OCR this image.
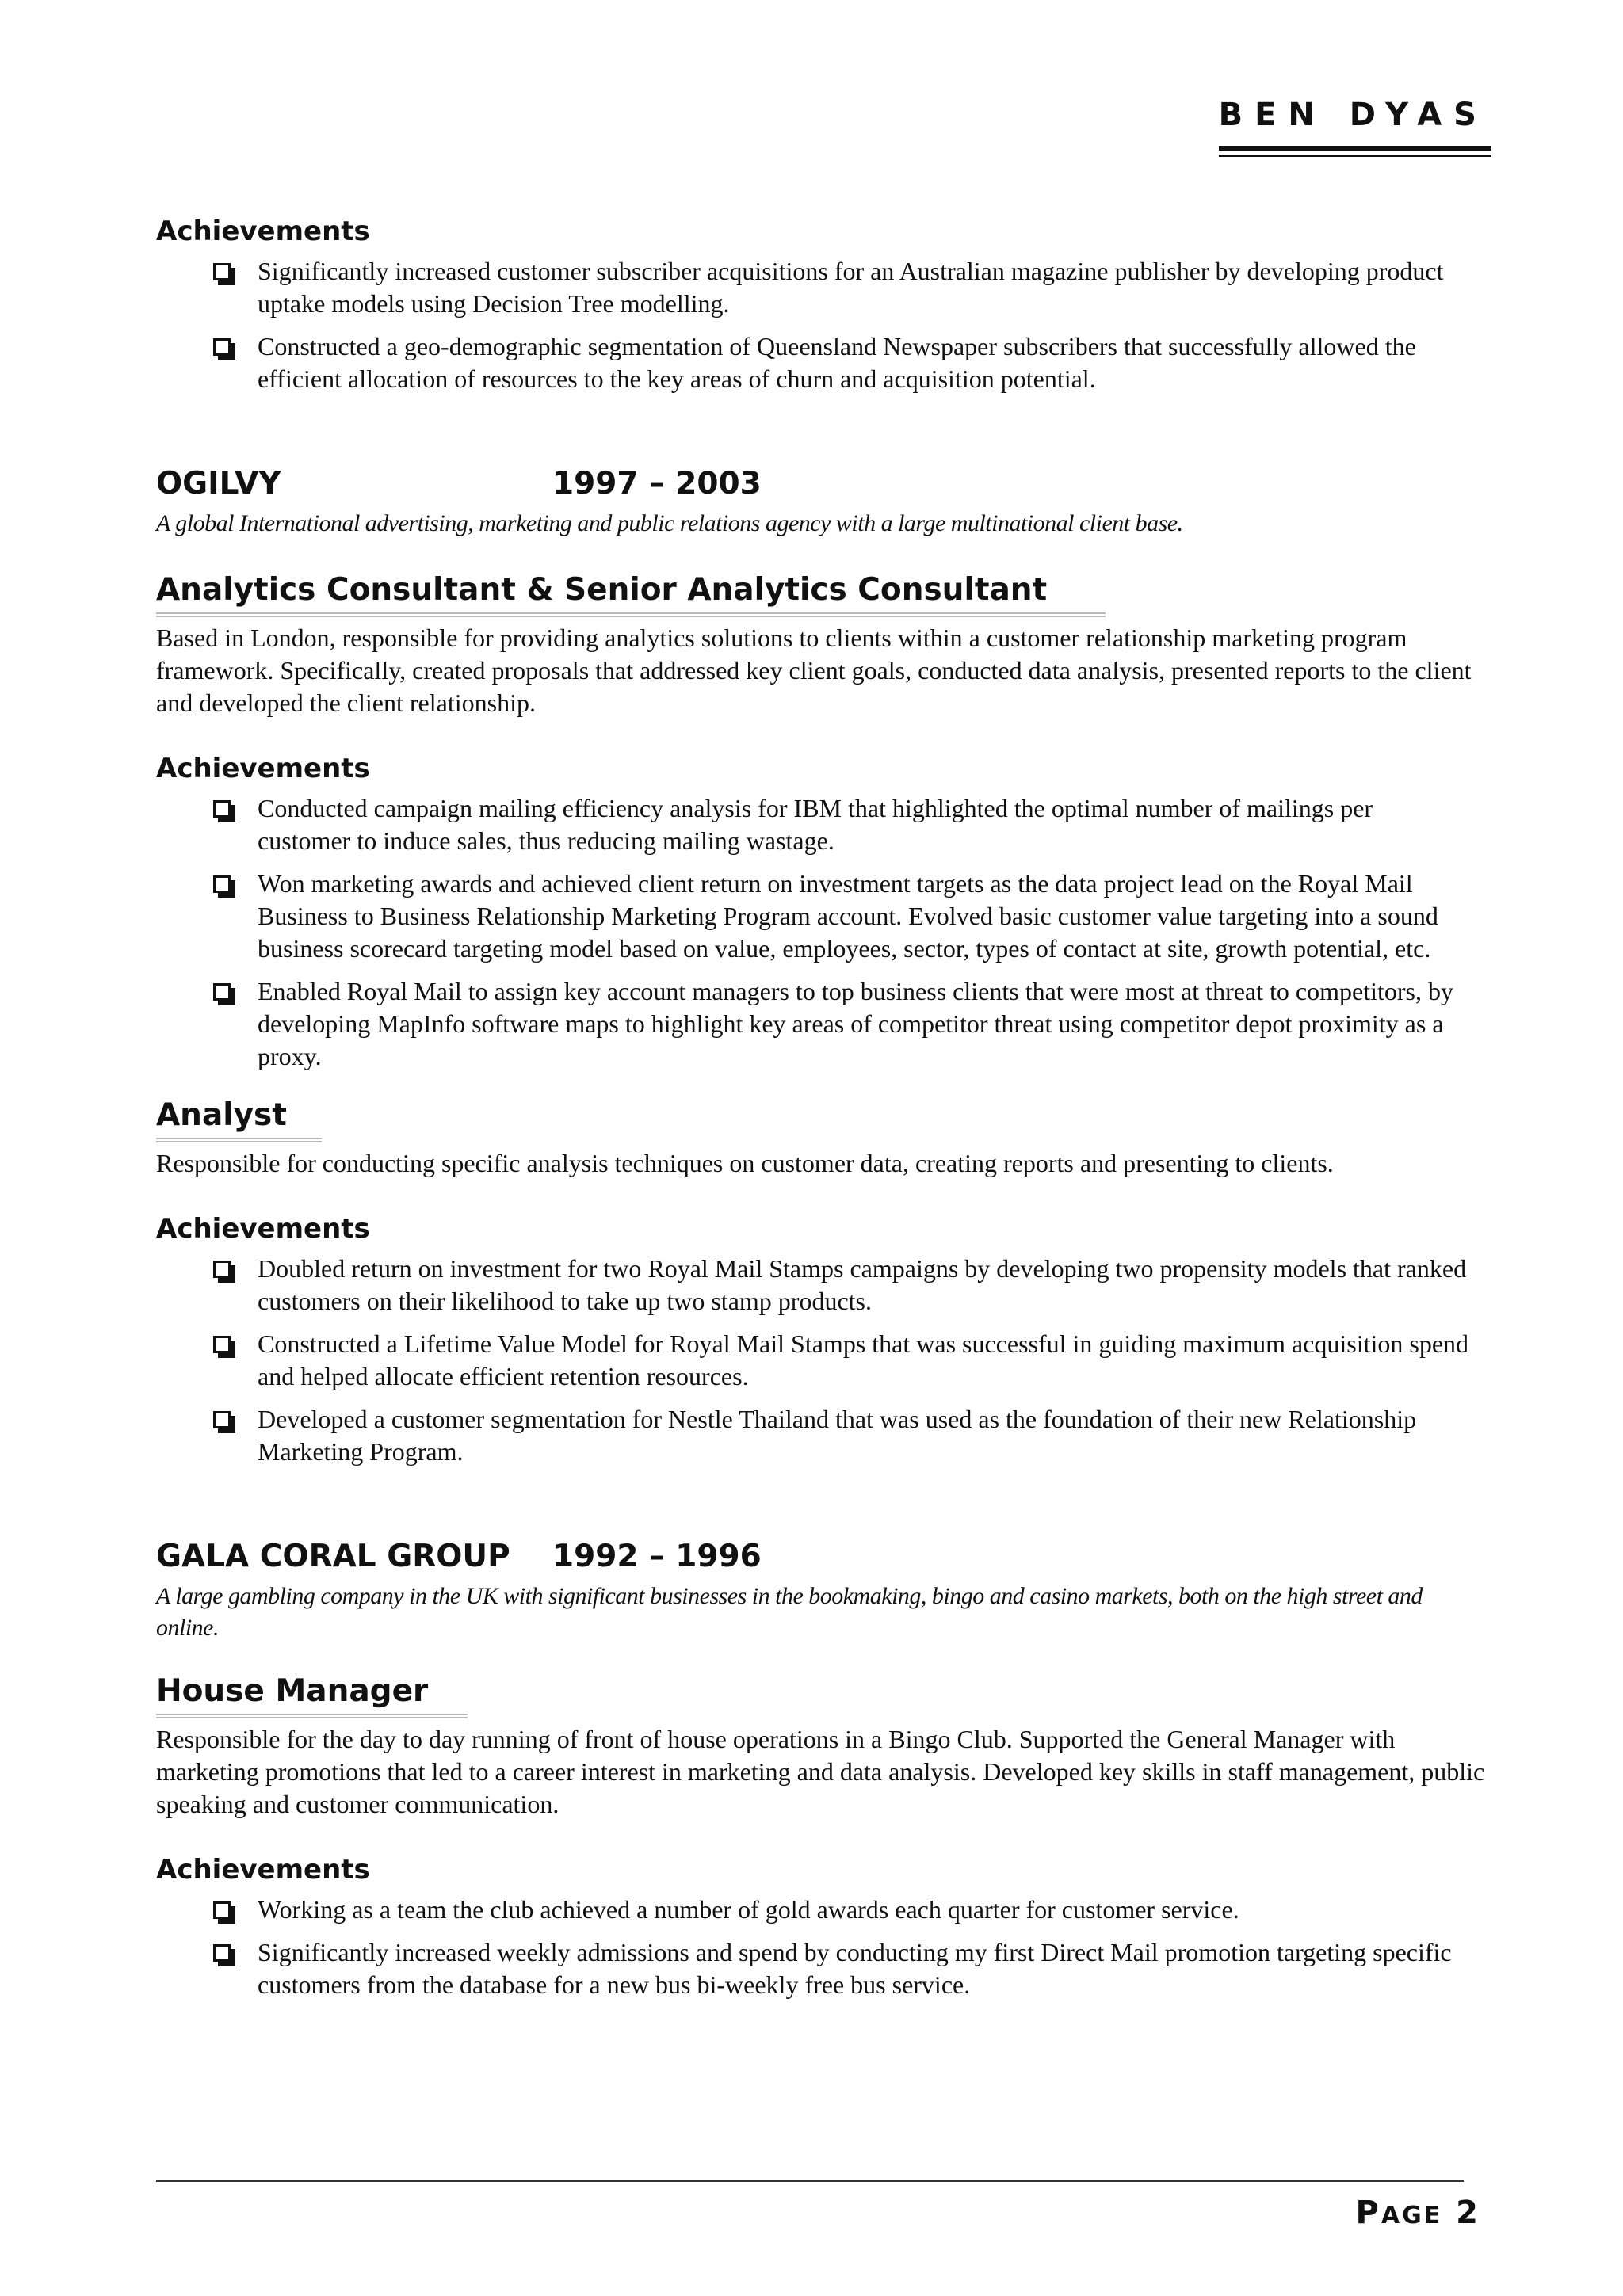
BEN DYAS
Achievements
Significantly increased customer subscriber acquisitions for an Australian magazine publisher by developing product uptake models using Decision Tree modelling.
Constructed a geo-demographic segmentation of Queensland Newspaper subscribers that successfully allowed the efficient allocation of resources to the key areas of churn and acquisition potential.
OGILVY	1997 – 2003

A global International advertising, marketing and public relations agency with a large multinational client base.

Analytics Consultant & Senior Analytics Consultant

Based in London, responsible for providing analytics solutions to clients within a customer relationship marketing program framework. Specifically, created proposals that addressed key client goals, conducted data analysis, presented reports to the client and developed the client relationship.

Achievements
Conducted campaign mailing efficiency analysis for IBM that highlighted the optimal number of mailings per customer to induce sales, thus reducing mailing wastage.
Won marketing awards and achieved client return on investment targets as the data project lead on the Royal Mail Business to Business Relationship Marketing Program account. Evolved basic customer value targeting into a sound business scorecard targeting model based on value, employees, sector, types of contact at site, growth potential, etc.
Enabled Royal Mail to assign key account managers to top business clients that were most at threat to competitors, by developing MapInfo software maps to highlight key areas of competitor threat using competitor depot proximity as a proxy.
Analyst

Responsible for conducting specific analysis techniques on customer data, creating reports and presenting to clients.

Achievements
Doubled return on investment for two Royal Mail Stamps campaigns by developing two propensity models that ranked customers on their likelihood to take up two stamp products.
Constructed a Lifetime Value Model for Royal Mail Stamps that was successful in guiding maximum acquisition spend and helped allocate efficient retention resources.
Developed a customer segmentation for Nestle Thailand that was used as the foundation of their new Relationship Marketing Program.
GALA CORAL GROUP	1992 – 1996

A large gambling company in the UK with significant businesses in the bookmaking, bingo and casino markets, both on the high street and online.

House Manager

Responsible for the day to day running of front of house operations in a Bingo Club. Supported the General Manager with marketing promotions that led to a career interest in marketing and data analysis. Developed key skills in staff management, public speaking and customer communication.

Achievements
Working as a team the club achieved a number of gold awards each quarter for customer service.
Significantly increased weekly admissions and spend by conducting my first Direct Mail promotion targeting specific customers from the database for a new bus bi-weekly free bus service.
PAGE 2
